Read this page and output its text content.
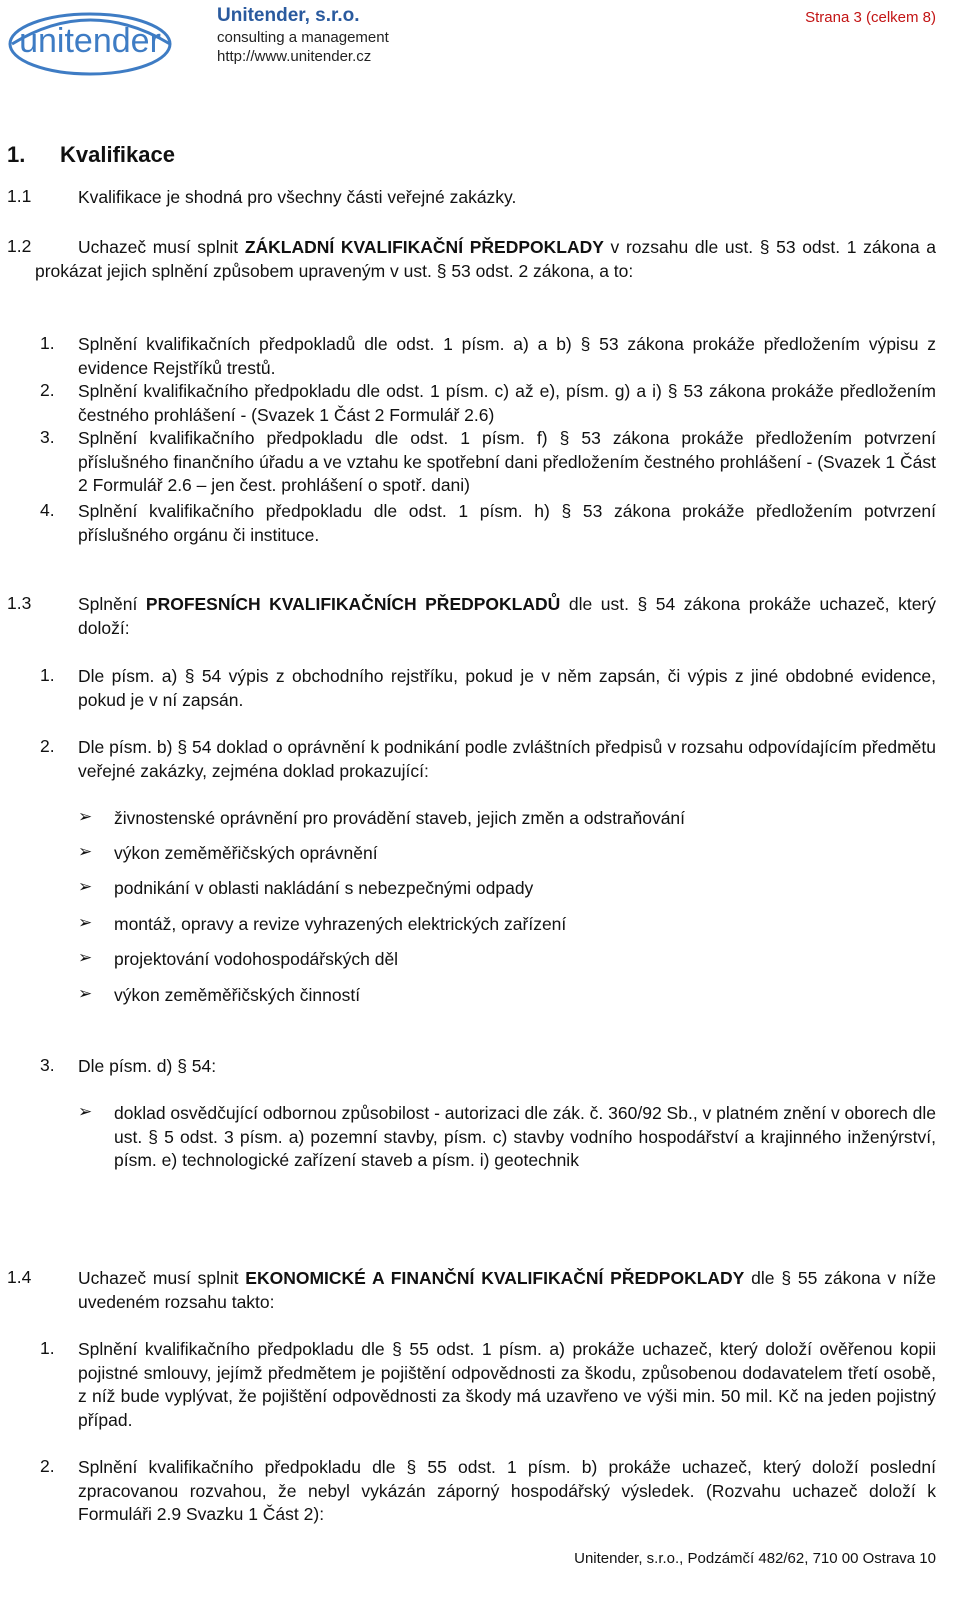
unitender
Unitender, s.r.o.
consulting a management
http://www.unitender.cz
Strana 3 (celkem 8)
1. Kvalifikace
1.1	Kvalifikace je shodná pro všechny části veřejné zakázky.
1.2	Uchazeč musí splnit ZÁKLADNÍ KVALIFIKAČNÍ PŘEDPOKLADY v rozsahu dle ust. § 53 odst. 1 zákona a prokázat jejich splnění způsobem upraveným v ust. § 53 odst. 2 zákona, a to:
1. Splnění kvalifikačních předpokladů dle odst. 1 písm. a) a b) § 53 zákona prokáže předložením výpisu z evidence Rejstříků trestů.
2. Splnění kvalifikačního předpokladu dle odst. 1 písm. c) až e), písm. g) a i) § 53 zákona prokáže předložením čestného prohlášení - (Svazek 1 Část 2 Formulář 2.6)
3. Splnění kvalifikačního předpokladu dle odst. 1 písm. f) § 53 zákona prokáže předložením potvrzení příslušného finančního úřadu a ve vztahu ke spotřební dani předložením čestného prohlášení - (Svazek 1 Část 2 Formulář 2.6 – jen čest. prohlášení o spotř. dani)
4. Splnění kvalifikačního předpokladu dle odst. 1 písm. h) § 53 zákona prokáže předložením potvrzení příslušného orgánu či instituce.
1.3	Splnění PROFESNÍCH KVALIFIKAČNÍCH PŘEDPOKLADŮ dle ust. § 54 zákona prokáže uchazeč, který doloží:
1. Dle písm. a) § 54 výpis z obchodního rejstříku, pokud je v něm zapsán, či výpis z jiné obdobné evidence, pokud je v ní zapsán.
2. Dle písm. b) § 54 doklad o oprávnění k podnikání podle zvláštních předpisů v rozsahu odpovídajícím předmětu veřejné zakázky, zejména doklad prokazující:
➢ živnostenské oprávnění pro provádění staveb, jejich změn a odstraňování
➢ výkon zeměměřičských oprávnění
➢ podnikání v oblasti nakládání s nebezpečnými odpady
➢ montáž, opravy a revize vyhrazených elektrických zařízení
➢ projektování vodohospodářských děl
➢ výkon zeměměřičských činností
3. Dle písm. d) § 54:
➢ doklad osvědčující odbornou způsobilost - autorizaci dle zák. č. 360/92 Sb., v platném znění v oborech dle ust. § 5 odst. 3 písm. a) pozemní stavby, písm. c) stavby vodního hospodářství a krajinného inženýrství, písm. e) technologické zařízení staveb a písm. i) geotechnik
1.4	Uchazeč musí splnit EKONOMICKÉ A FINANČNÍ KVALIFIKAČNÍ PŘEDPOKLADY dle § 55 zákona v níže uvedeném rozsahu takto:
1. Splnění kvalifikačního předpokladu dle § 55 odst. 1 písm. a) prokáže uchazeč, který doloží ověřenou kopii pojistné smlouvy, jejímž předmětem je pojištění odpovědnosti za škodu, způsobenou dodavatelem třetí osobě, z níž bude vyplývat, že pojištění odpovědnosti za škody má uzavřeno ve výši min. 50 mil. Kč na jeden pojistný případ.
2. Splnění kvalifikačního předpokladu dle § 55 odst. 1 písm. b) prokáže uchazeč, který doloží poslední zpracovanou rozvahou, že nebyl vykázán záporný hospodářský výsledek. (Rozvahu uchazeč doloží k Formuláři 2.9 Svazku 1 Část 2):
Unitender, s.r.o., Podzámčí 482/62, 710 00 Ostrava 10
